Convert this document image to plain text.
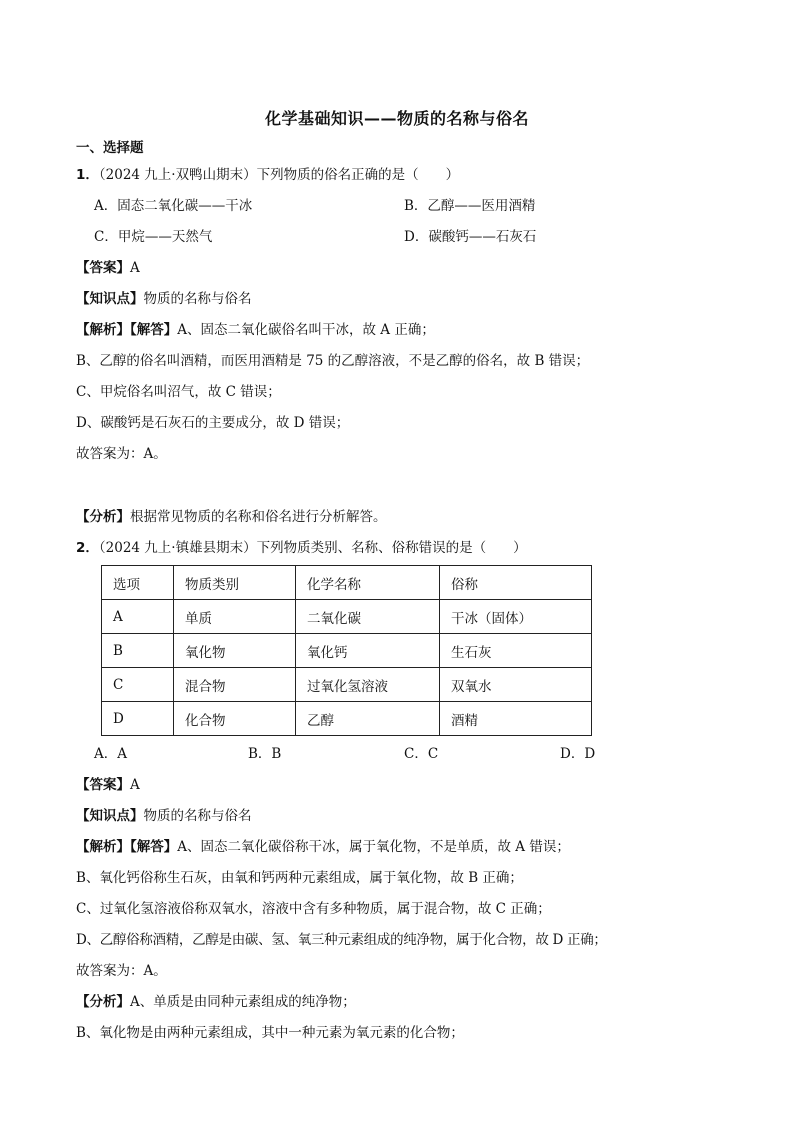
化学基础知识——物质的名称与俗名
一、选择题
1．（2024 九上·双鸭山期末）下列物质的俗名正确的是（　　）
A．固态二氧化碳——干冰	B．乙醇——医用酒精
C．甲烷——天然气	D．碳酸钙——石灰石
【答案】A
【知识点】物质的名称与俗名
【解析】【解答】A、固态二氧化碳俗名叫干冰，故 A 正确；
B、乙醇的俗名叫酒精，而医用酒精是 75 的乙醇溶液，不是乙醇的俗名，故 B 错误；
C、甲烷俗名叫沼气，故 C 错误；
D、碳酸钙是石灰石的主要成分，故 D 错误；
故答案为：A。
【分析】根据常见物质的名称和俗名进行分析解答。
2．（2024 九上·镇雄县期末）下列物质类别、名称、俗称错误的是（　　）
选项	物质类别	化学名称	俗称
A	单质	二氧化碳	干冰（固体）
B	氧化物	氧化钙	生石灰
C	混合物	过氧化氢溶液	双氧水
D	化合物	乙醇	酒精
A．A	B．B	C．C	D．D
【答案】A
【知识点】物质的名称与俗名
【解析】【解答】A、固态二氧化碳俗称干冰，属于氧化物，不是单质，故 A 错误；
B、氧化钙俗称生石灰，由氧和钙两种元素组成，属于氧化物，故 B 正确；
C、过氧化氢溶液俗称双氧水，溶液中含有多种物质，属于混合物，故 C 正确；
D、乙醇俗称酒精，乙醇是由碳、氢、氧三种元素组成的纯净物，属于化合物，故 D 正确；
故答案为：A。
【分析】A、单质是由同种元素组成的纯净物；
B、氧化物是由两种元素组成，其中一种元素为氧元素的化合物；
